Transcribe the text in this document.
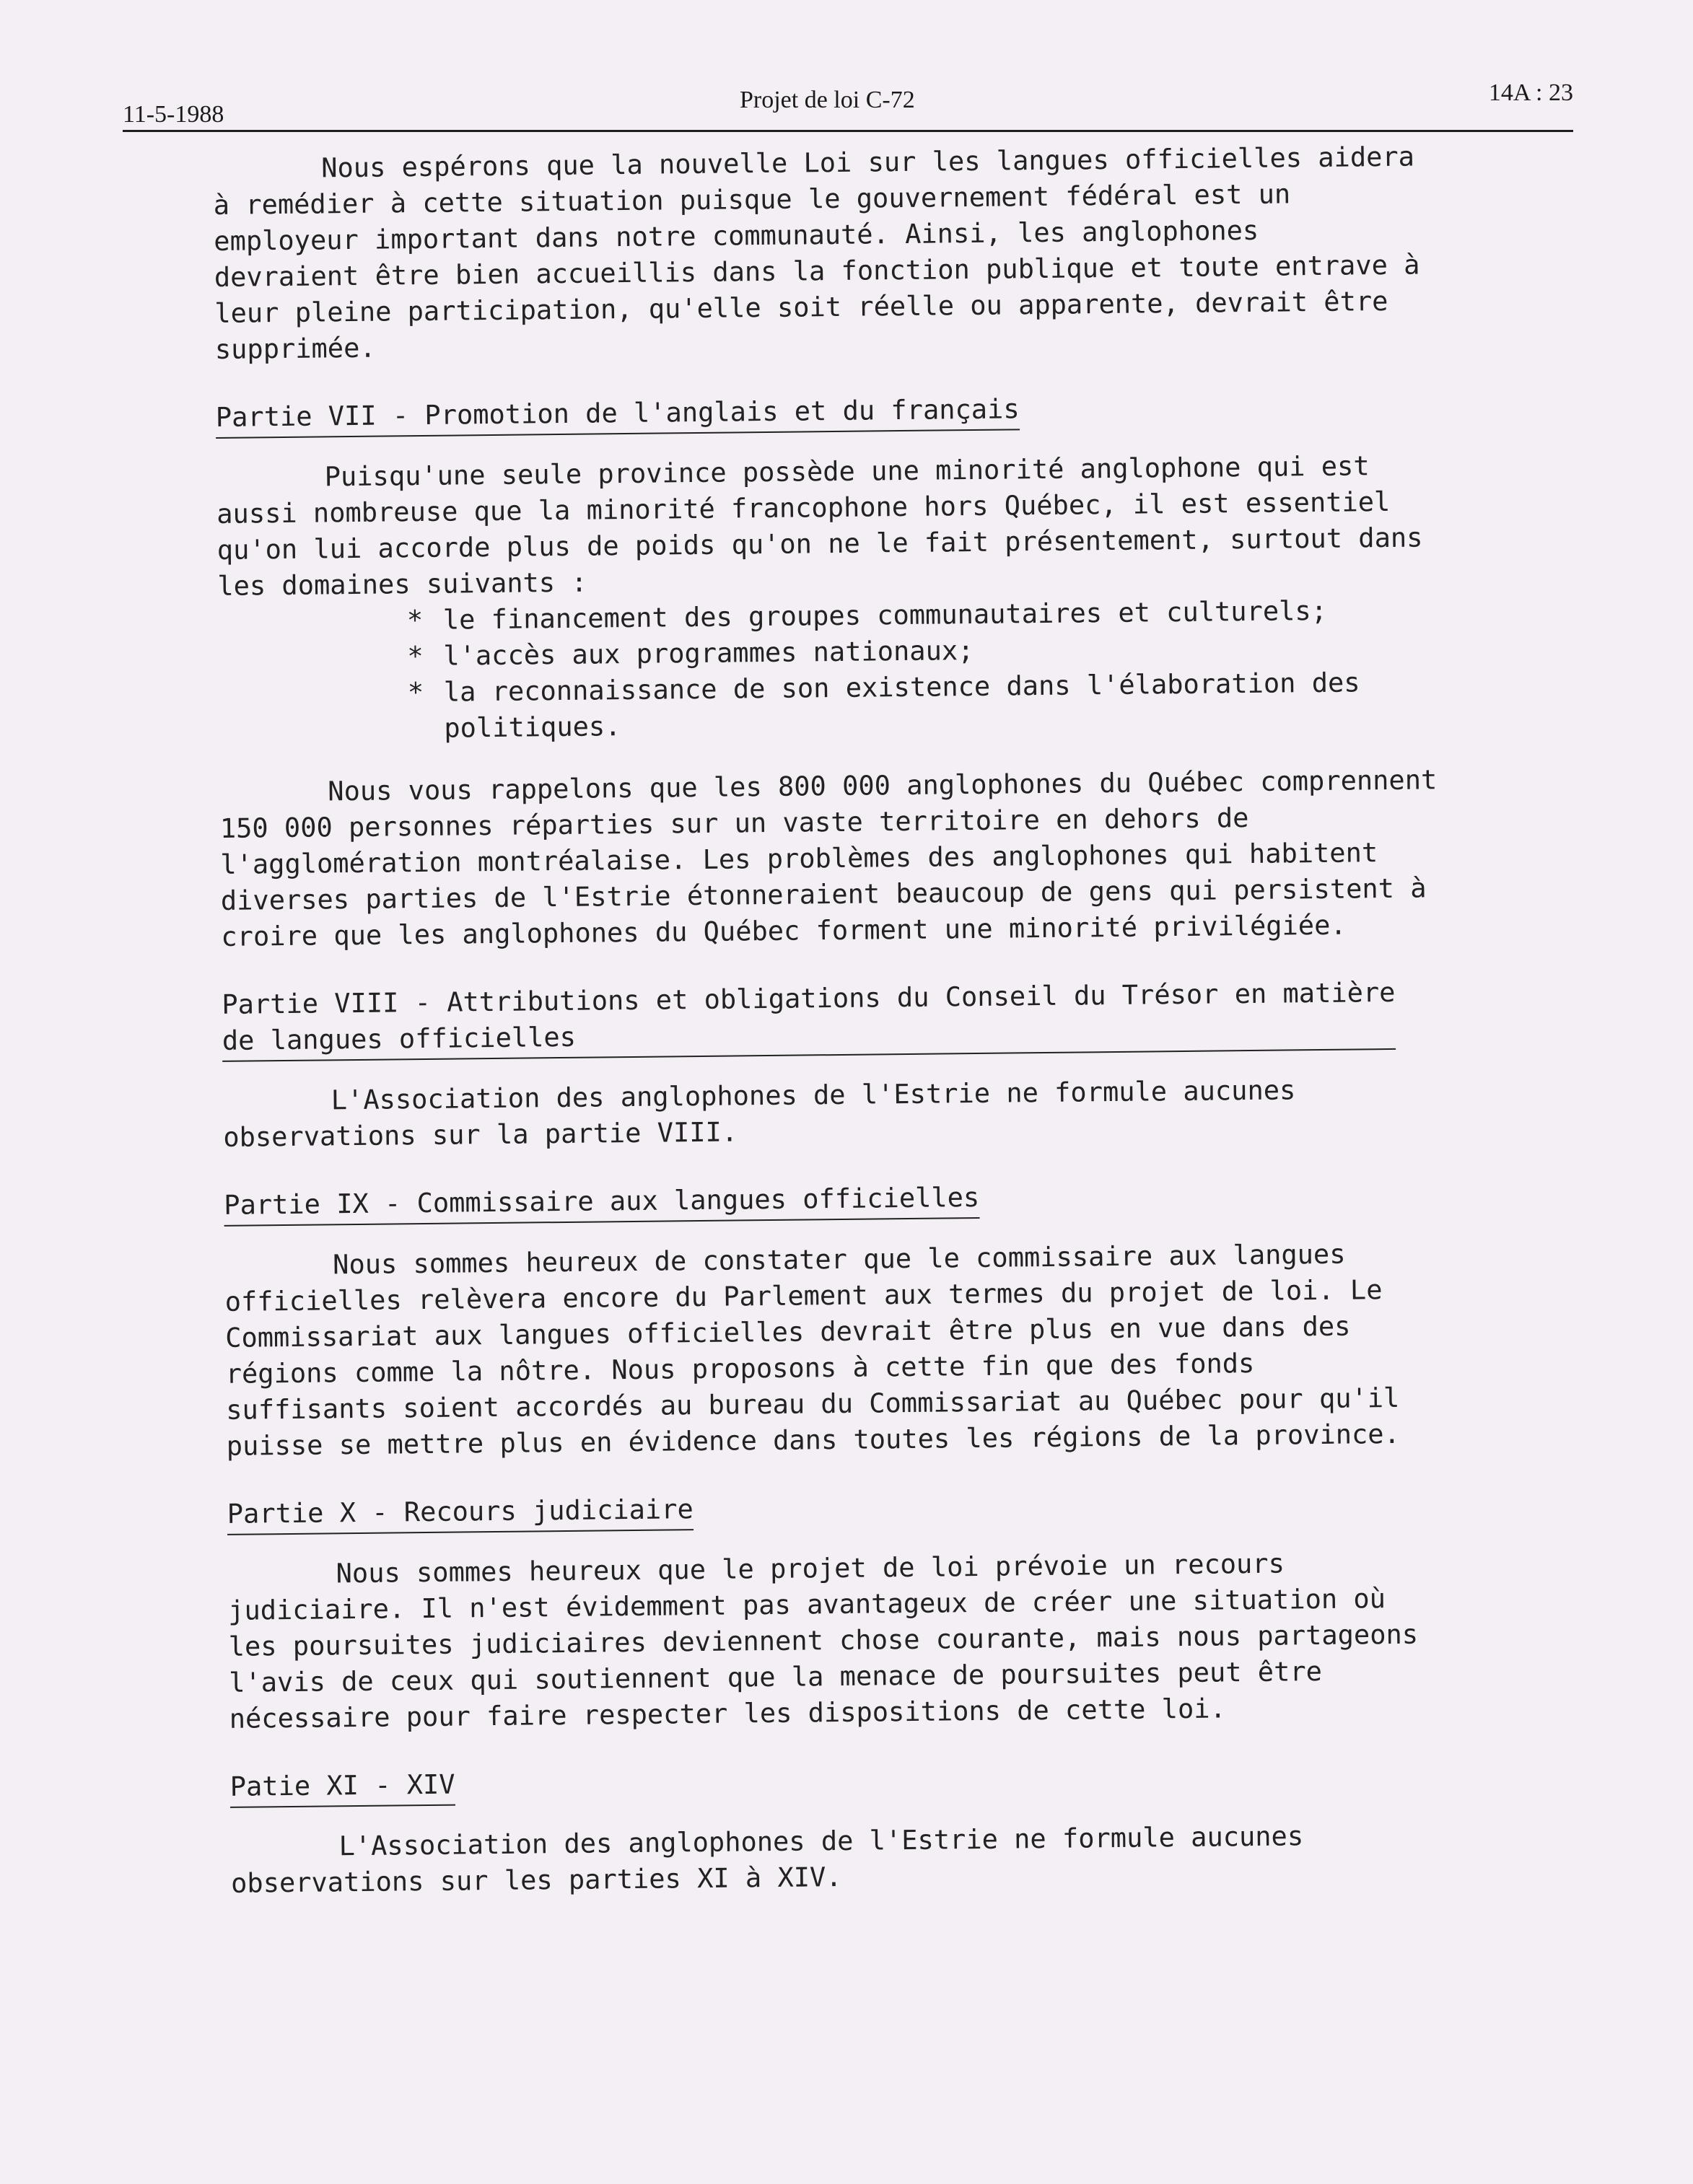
11-5-1988
Projet de loi C-72	14A : 23

Nous espérons que la nouvelle Loi sur les langues officielles aidera
à remédier à cette situation puisque le gouvernement fédéral est un
employeur important dans notre communauté. Ainsi, les anglophones
devraient être bien accueillis dans la fonction publique et toute entrave à
leur pleine participation, qu'elle soit réelle ou apparente, devrait être
supprimée.

Partie VII - Promotion de l'anglais et du français

Puisqu'une seule province possède une minorité anglophone qui est
aussi nombreuse que la minorité francophone hors Québec, il est essentiel
qu'on lui accorde plus de poids qu'on ne le fait présentement, surtout dans
les domaines suivants :

* le financement des groupes communautaires et culturels;
* l'accès aux programmes nationaux;
* la reconnaissance de son existence dans l'élaboration des
politiques.

Nous vous rappelons que les 800 000 anglophones du Québec comprennent
150 000 personnes réparties sur un vaste territoire en dehors de
l'agglomération montréalaise. Les problèmes des anglophones qui habitent
diverses parties de l'Estrie étonneraient beaucoup de gens qui persistent à
croire que les anglophones du Québec forment une minorité privilégiée.

Partie VIII - Attributions et obligations du Conseil du Trésor en matière
de langues officielles

L'Association des anglophones de l'Estrie ne formule aucunes
observations sur la partie VIII.

Partie IX - Commissaire aux langues officielles

Nous sommes heureux de constater que le commissaire aux langues
officielles relèvera encore du Parlement aux termes du projet de loi. Le
Commissariat aux langues officielles devrait être plus en vue dans des
régions comme la nôtre. Nous proposons à cette fin que des fonds
suffisants soient accordés au bureau du Commissariat au Québec pour qu'il
puisse se mettre plus en évidence dans toutes les régions de la province.

Partie X - Recours judiciaire

Nous sommes heureux que le projet de loi prévoie un recours
judiciaire. Il n'est évidemment pas avantageux de créer une situation où
les poursuites judiciaires deviennent chose courante, mais nous partageons
l'avis de ceux qui soutiennent que la menace de poursuites peut être
nécessaire pour faire respecter les dispositions de cette loi.

Patie XI - XIV

L'Association des anglophones de l'Estrie ne formule aucunes
observations sur les parties XI à XIV.
